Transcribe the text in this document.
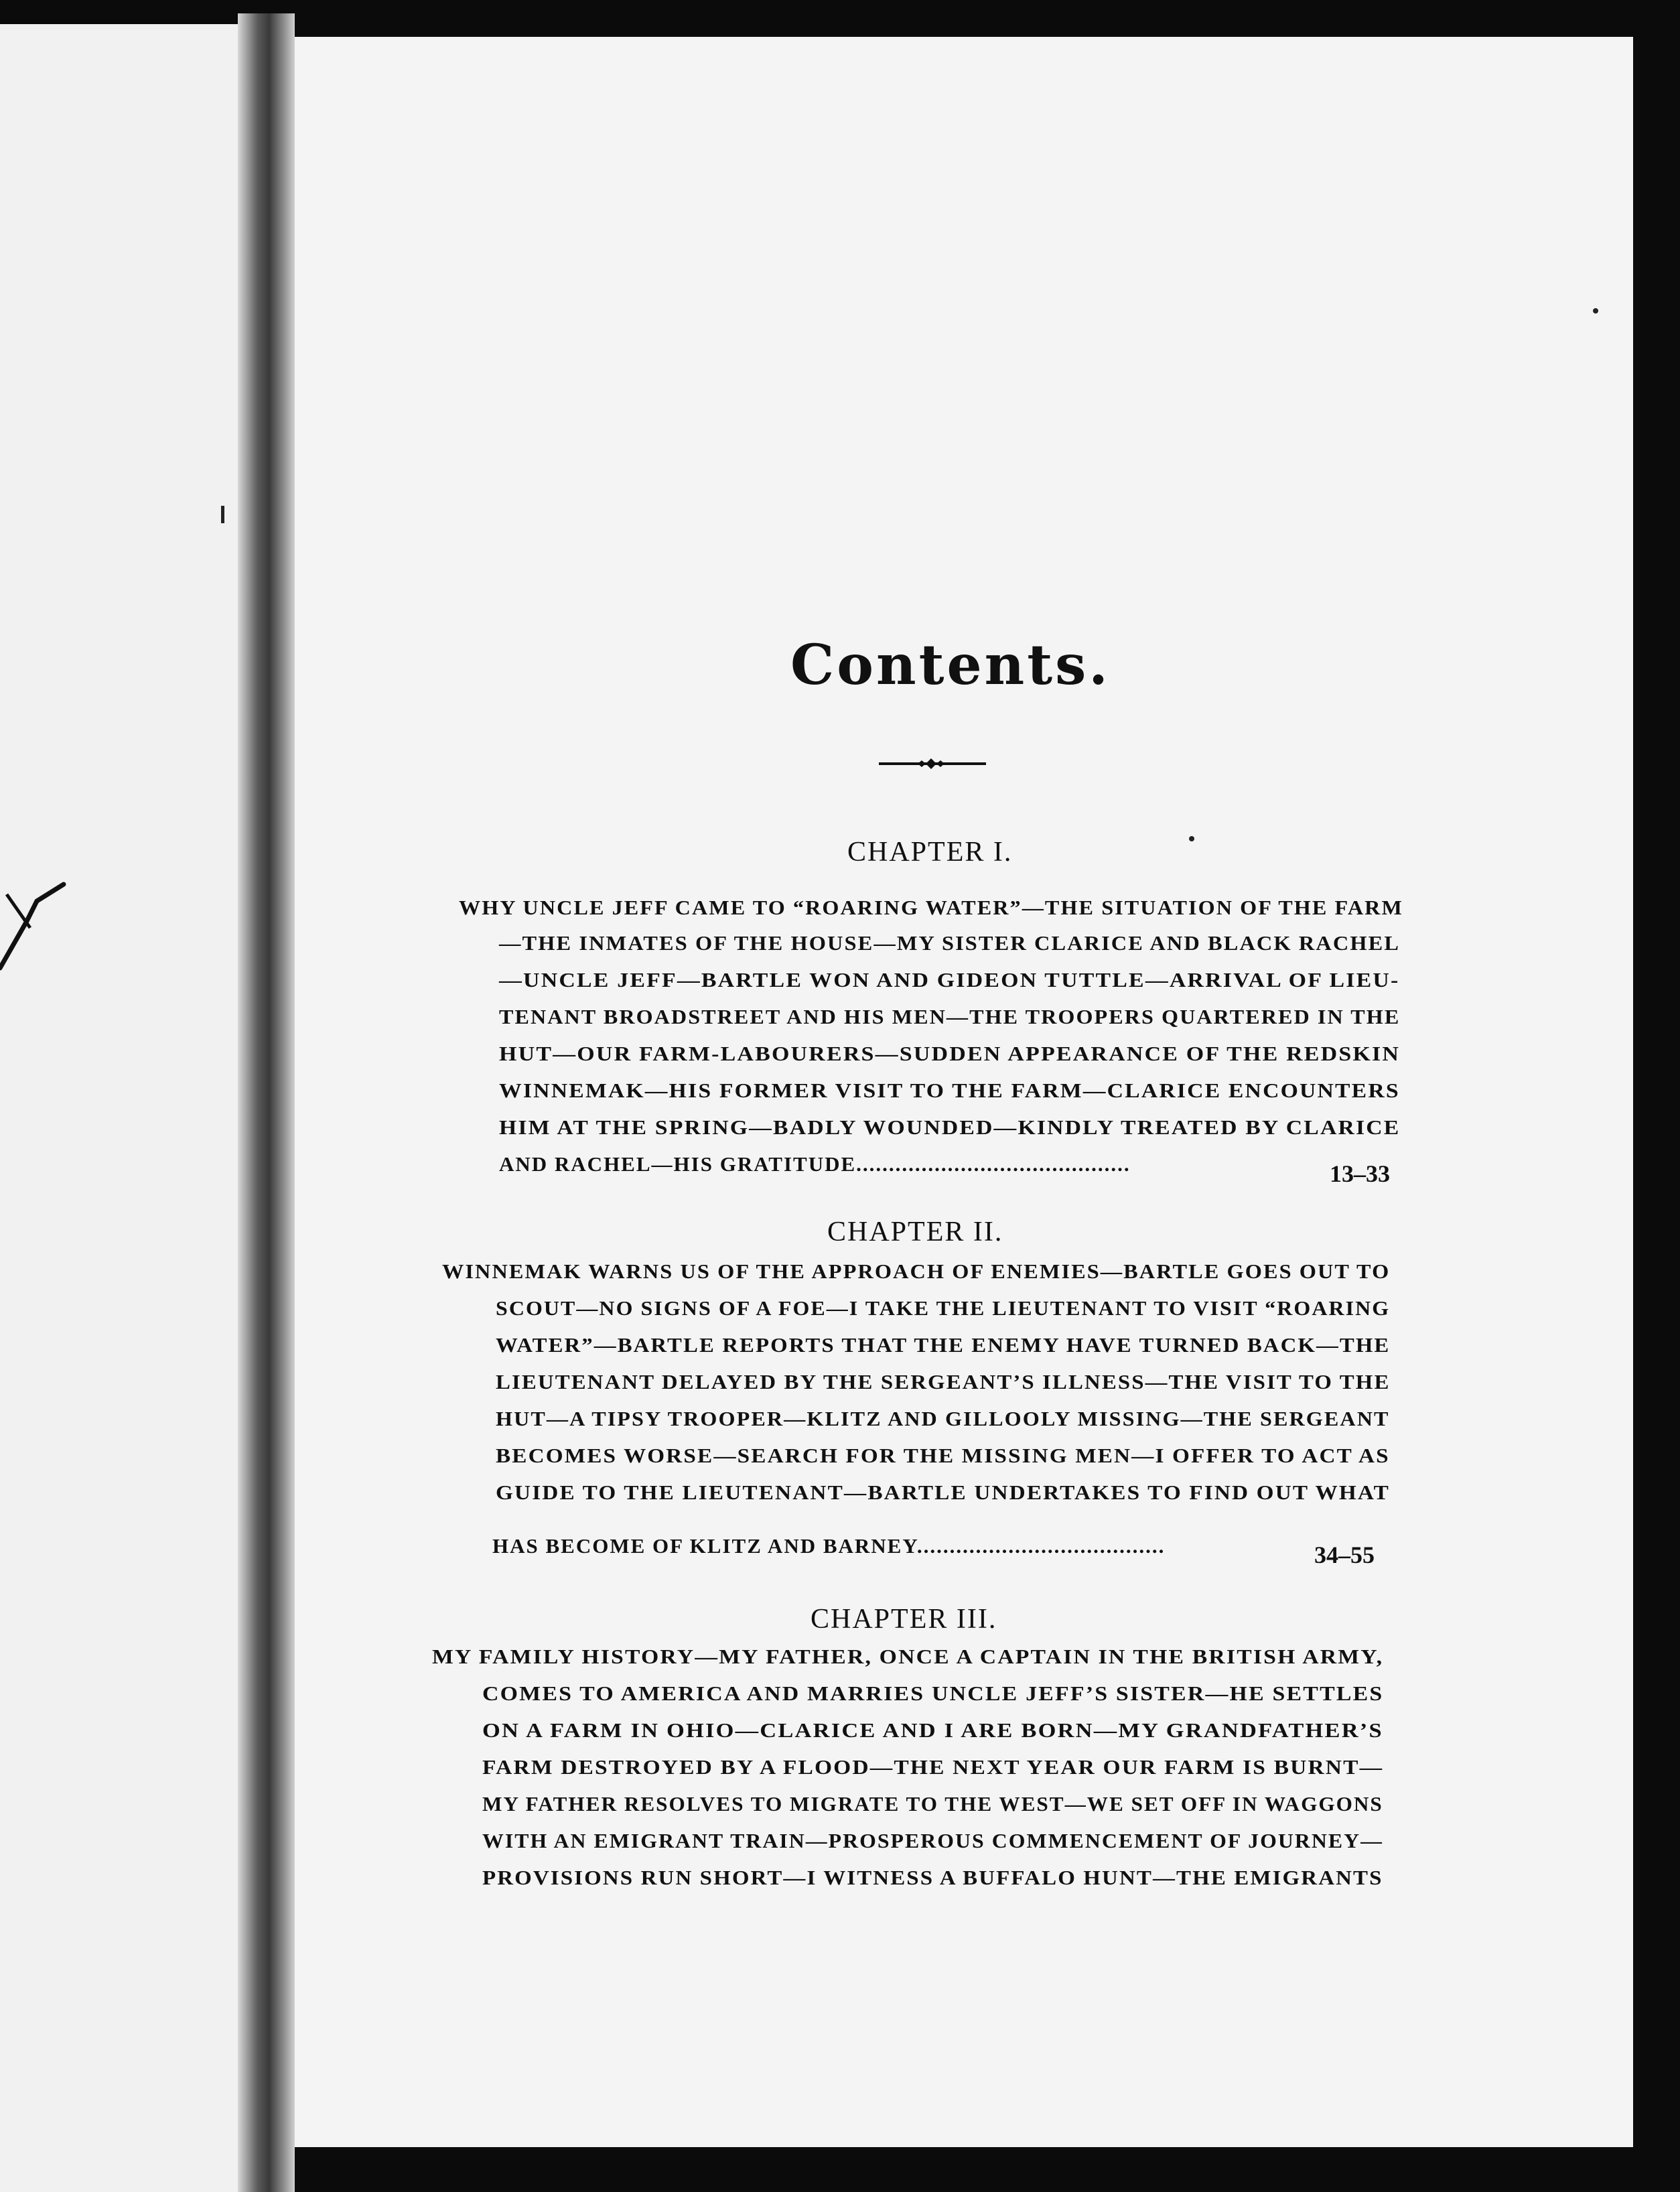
Contents.
CHAPTER I.
WHY UNCLE JEFF CAME TO “ROARING WATER”—THE SITUATION OF THE FARM
—THE INMATES OF THE HOUSE—MY SISTER CLARICE AND BLACK RACHEL
—UNCLE JEFF—BARTLE WON AND GIDEON TUTTLE—ARRIVAL OF LIEU-
TENANT BROADSTREET AND HIS MEN—THE TROOPERS QUARTERED IN THE
HUT—OUR FARM-LABOURERS—SUDDEN APPEARANCE OF THE REDSKIN
WINNEMAK—HIS FORMER VISIT TO THE FARM—CLARICE ENCOUNTERS
HIM AT THE SPRING—BADLY WOUNDED—KINDLY TREATED BY CLARICE
AND RACHEL—HIS GRATITUDE..........................................	13–33
CHAPTER II.
WINNEMAK WARNS US OF THE APPROACH OF ENEMIES—BARTLE GOES OUT TO
SCOUT—NO SIGNS OF A FOE—I TAKE THE LIEUTENANT TO VISIT “ROARING
WATER”—BARTLE REPORTS THAT THE ENEMY HAVE TURNED BACK—THE
LIEUTENANT DELAYED BY THE SERGEANT’S ILLNESS—THE VISIT TO THE
HUT—A TIPSY TROOPER—KLITZ AND GILLOOLY MISSING—THE SERGEANT
BECOMES WORSE—SEARCH FOR THE MISSING MEN—I OFFER TO ACT AS
GUIDE TO THE LIEUTENANT—BARTLE UNDERTAKES TO FIND OUT WHAT
HAS BECOME OF KLITZ AND BARNEY......................................	34–55
CHAPTER III.
MY FAMILY HISTORY—MY FATHER, ONCE A CAPTAIN IN THE BRITISH ARMY,
COMES TO AMERICA AND MARRIES UNCLE JEFF’S SISTER—HE SETTLES
ON A FARM IN OHIO—CLARICE AND I ARE BORN—MY GRANDFATHER’S
FARM DESTROYED BY A FLOOD—THE NEXT YEAR OUR FARM IS BURNT—
MY FATHER RESOLVES TO MIGRATE TO THE WEST—WE SET OFF IN WAGGONS
WITH AN EMIGRANT TRAIN—PROSPEROUS COMMENCEMENT OF JOURNEY—
PROVISIONS RUN SHORT—I WITNESS A BUFFALO HUNT—THE EMIGRANTS
